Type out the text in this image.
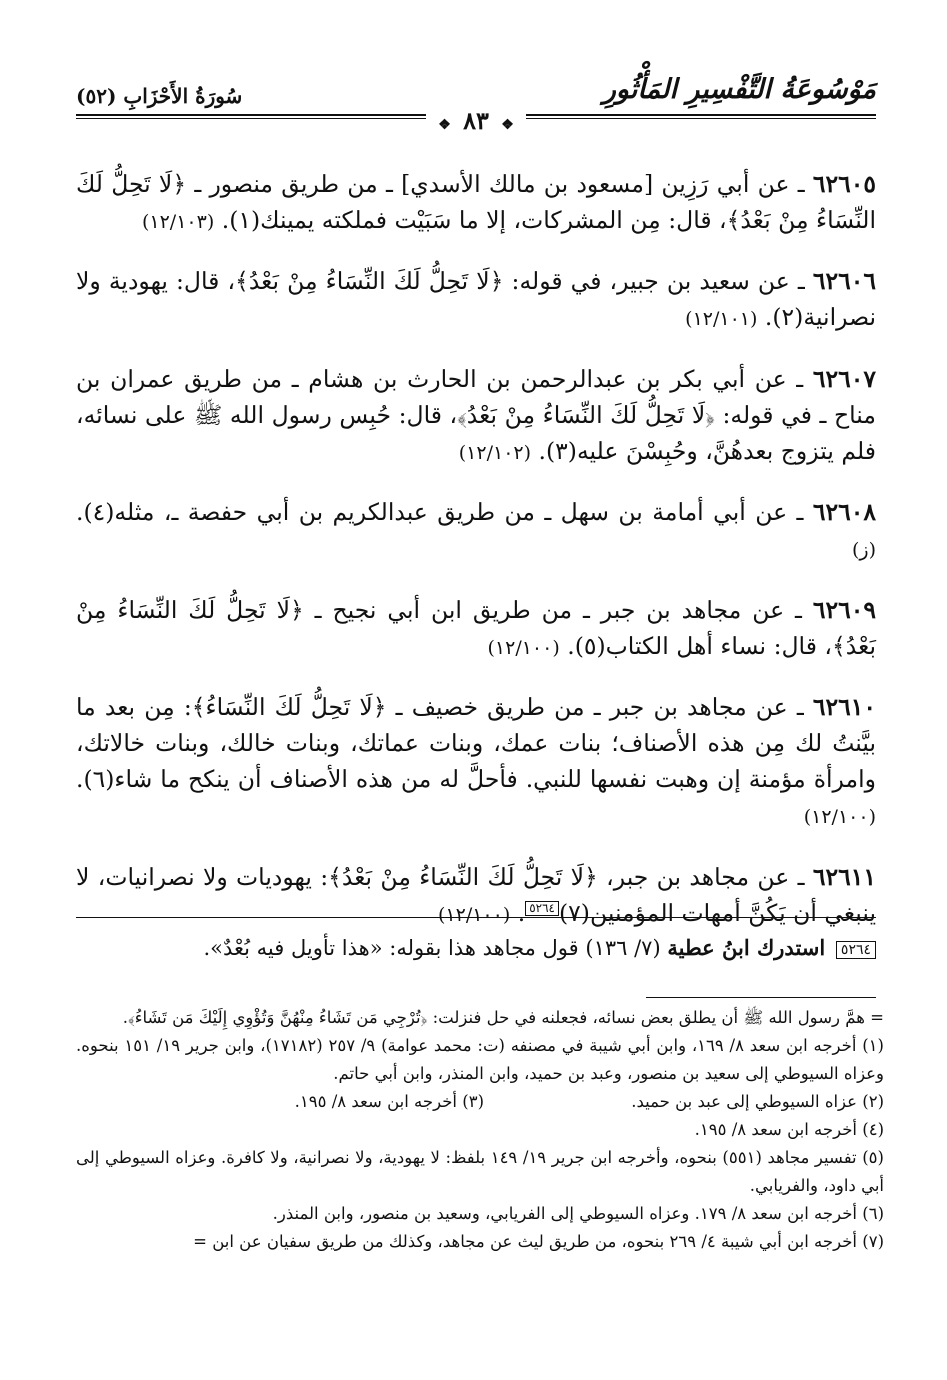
مَوْسُوعَةُ التَّفْسِيرِ المَأْثُورِ
سُورَةُ الأَحْزَابِ (٥٢)
❖ ٨٣ ❖

٦٢٦٠٥ ـ عن أبي رَزِين [مسعود بن مالك الأسدي] ـ من طريق منصور ـ ﴿لَا تَحِلُّ لَكَ النِّسَاءُ مِنْ بَعْدُ﴾، قال: مِن المشركات، إلا ما سَبَيْت فملكته يمينك(١). (١٢/١٠٣)

٦٢٦٠٦ ـ عن سعيد بن جبير، في قوله: ﴿لَا تَحِلُّ لَكَ النِّسَاءُ مِنْ بَعْدُ﴾، قال: يهودية ولا نصرانية(٢). (١٢/١٠١)

٦٢٦٠٧ ـ عن أبي بكر بن عبدالرحمن بن الحارث بن هشام ـ من طريق عمران بن مناح ـ في قوله: ﴿لَا تَحِلُّ لَكَ النِّسَاءُ مِنْ بَعْدُ﴾، قال: حُبِس رسول الله ﷺ على نسائه، فلم يتزوج بعدهُنَّ، وحُبِسْنَ عليه(٣). (١٢/١٠٢)

٦٢٦٠٨ ـ عن أبي أمامة بن سهل ـ من طريق عبدالكريم بن أبي حفصة ـ، مثله(٤). (ز)

٦٢٦٠٩ ـ عن مجاهد بن جبر ـ من طريق ابن أبي نجيح ـ ﴿لَا تَحِلُّ لَكَ النِّسَاءُ مِنْ بَعْدُ﴾، قال: نساء أهل الكتاب(٥). (١٢/١٠٠)

٦٢٦١٠ ـ عن مجاهد بن جبر ـ من طريق خصيف ـ ﴿لَا تَحِلُّ لَكَ النِّسَاءُ﴾: مِن بعد ما بيَّنتُ لك مِن هذه الأصناف؛ بنات عمك، وبنات عماتك، وبنات خالك، وبنات خالاتك، وامرأة مؤمنة إن وهبت نفسها للنبي. فأحلَّ له من هذه الأصناف أن ينكح ما شاء(٦). (١٢/١٠٠)

٦٢٦١١ ـ عن مجاهد بن جبر، ﴿لَا تَحِلُّ لَكَ النِّسَاءُ مِنْ بَعْدُ﴾: يهوديات ولا نصرانيات، لا ينبغي أن يَكُنَّ أمهات المؤمنين(٧)٥٢٦٤. (١٢/١٠٠)

٥٢٦٤ استدرك ابنُ عطية (٧/ ١٣٦) قول مجاهد هذا بقوله: «هذا تأويل فيه بُعْدٌ».
= همَّ رسول الله ﷺ أن يطلق بعض نسائه، فجعلنه في حل فنزلت: ﴿تُرْجِي مَن تَشَاءُ مِنْهُنَّ وَتُؤْوِي إِلَيْكَ مَن تَشَاءُ﴾.
(١) أخرجه ابن سعد ٨/ ١٦٩، وابن أبي شيبة في مصنفه (ت: محمد عوامة) ٩/ ٢٥٧ (١٧١٨٢)، وابن جرير ١٩/ ١٥١ بنحوه. وعزاه السيوطي إلى سعيد بن منصور، وعبد بن حميد، وابن المنذر، وابن أبي حاتم.
(٢) عزاه السيوطي إلى عبد بن حميد.
(٣) أخرجه ابن سعد ٨/ ١٩٥.
(٤) أخرجه ابن سعد ٨/ ١٩٥.
(٥) تفسير مجاهد (٥٥١) بنحوه، وأخرجه ابن جرير ١٩/ ١٤٩ بلفظ: لا يهودية، ولا نصرانية، ولا كافرة. وعزاه السيوطي إلى أبي داود، والفريابي.
(٦) أخرجه ابن سعد ٨/ ١٧٩. وعزاه السيوطي إلى الفريابي، وسعيد بن منصور، وابن المنذر.
(٧) أخرجه ابن أبي شيبة ٤/ ٢٦٩ بنحوه، من طريق ليث عن مجاهد، وكذلك من طريق سفيان عن ابن =
